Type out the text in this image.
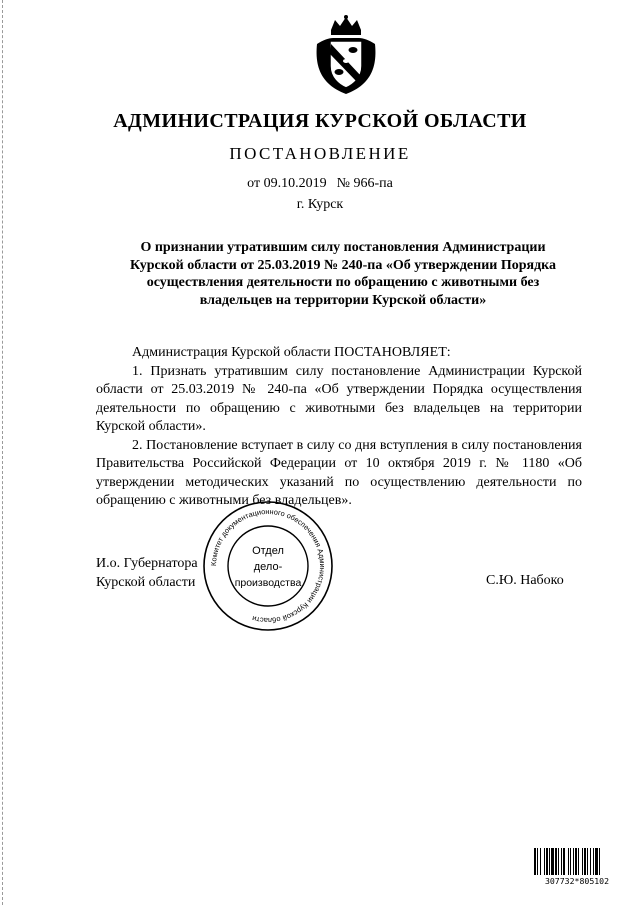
АДМИНИСТРАЦИЯ КУРСКОЙ ОБЛАСТИ
ПОСТАНОВЛЕНИЕ
от 09.10.2019 № 966-па
г. Курск
О признании утратившим силу постановления Администрации
Курской области от 25.03.2019 № 240-па «Об утверждении Порядка
осуществления деятельности по обращению с животными без
владельцев на территории Курской области»

Администрация Курской области ПОСТАНОВЛЯЕТ:

1. Признать утратившим силу постановление Администрации Курской области от 25.03.2019 № 240-па «Об утверждении Порядка осуществления деятельности по обращению с животными без владельцев на территории Курской области».

2. Постановление вступает в силу со дня вступления в силу постановления Правительства Российской Федерации от 10 октября 2019 г. № 1180 «Об утверждении методических указаний по осуществлению деятельности по обращению с животными без владельцев».

И.о. Губернатора
Курской области	С.Ю. Набоко
Комитет документационного обеспечения Администрации Курской области
Отдел
дело-
производства
307732*805102
